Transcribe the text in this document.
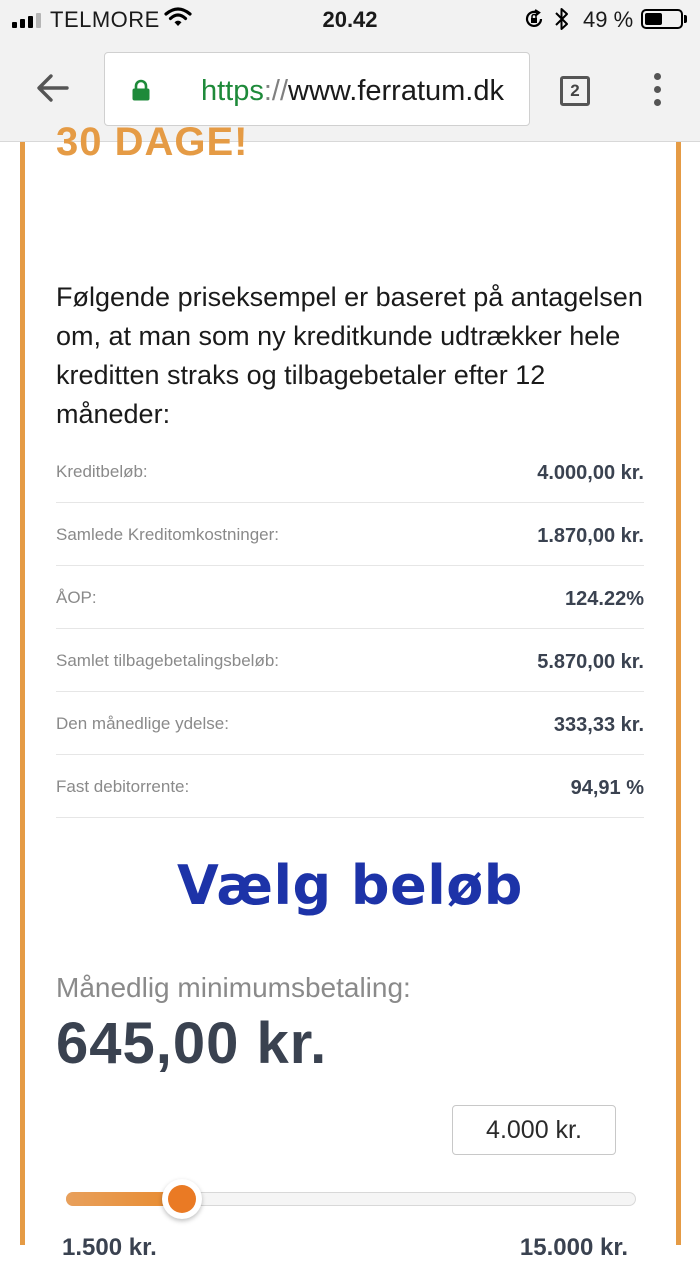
TELMORE	20.42	49 %
https://www.ferratum.dk	2
30 DAGE!
Følgende priseksempel er baseret på antagelsen om, at man som ny kreditkunde udtrækker hele kreditten straks og tilbagebetaler efter 12 måneder:
Kreditbeløb:	4.000,00 kr.
Samlede Kreditomkostninger:	1.870,00 kr.
ÅOP:	124.22%
Samlet tilbagebetalingsbeløb:	5.870,00 kr.
Den månedlige ydelse:	333,33 kr.
Fast debitorrente:	94,91 %
Vælg beløb
Månedlig minimumsbetaling:
645,00 kr.
4.000 kr.
1.500 kr.	15.000 kr.
